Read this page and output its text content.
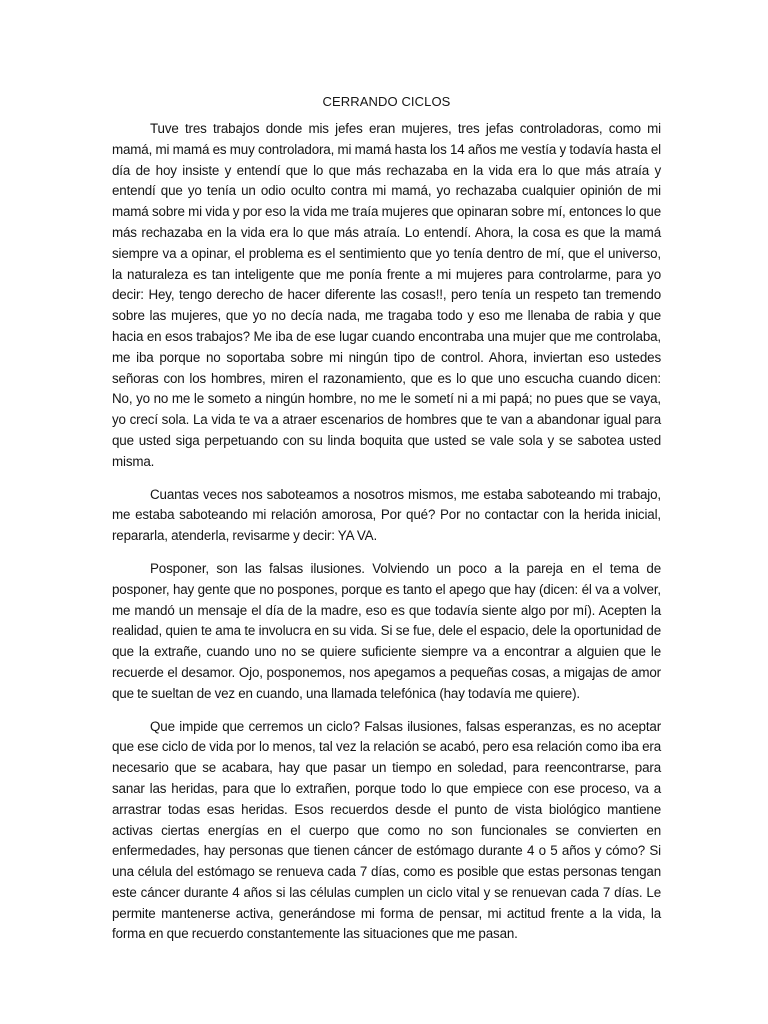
CERRANDO CICLOS

Tuve tres trabajos donde mis jefes eran mujeres, tres jefas controladoras, como mi mamá, mi mamá es muy controladora, mi mamá hasta los 14 años me vestía y todavía hasta el día de hoy insiste y entendí que lo que más rechazaba en la vida era lo que más atraía y entendí que yo tenía un odio oculto contra mi mamá, yo rechazaba cualquier opinión de mi mamá sobre mi vida y por eso la vida me traía mujeres que opinaran sobre mí, entonces lo que más rechazaba en la vida era lo que más atraía. Lo entendí. Ahora, la cosa es que la mamá siempre va a opinar, el problema es el sentimiento que yo tenía dentro de mí, que el universo, la naturaleza es tan inteligente que me ponía frente a mi mujeres para controlarme, para yo decir: Hey, tengo derecho de hacer diferente las cosas!!, pero tenía un respeto tan tremendo sobre las mujeres, que yo no decía nada, me tragaba todo y eso me llenaba de rabia y que hacia en esos trabajos? Me iba de ese lugar cuando encontraba una mujer que me controlaba, me iba porque no soportaba sobre mi ningún tipo de control. Ahora, inviertan eso ustedes señoras con los hombres, miren el razonamiento, que es lo que uno escucha cuando dicen: No, yo no me le someto a ningún hombre, no me le sometí ni a mi papá; no pues que se vaya, yo crecí sola. La vida te va a atraer escenarios de hombres que te van a abandonar igual para que usted siga perpetuando con su linda boquita que usted se vale sola y se sabotea usted misma.

Cuantas veces nos saboteamos a nosotros mismos, me estaba saboteando mi trabajo, me estaba saboteando mi relación amorosa, Por qué? Por no contactar con la herida inicial, repararla, atenderla, revisarme y decir: YA VA.

Posponer, son las falsas ilusiones. Volviendo un poco a la pareja en el tema de posponer, hay gente que no pospones, porque es tanto el apego que hay (dicen: él va a volver, me mandó un mensaje el día de la madre, eso es que todavía siente algo por mí). Acepten la realidad, quien te ama te involucra en su vida. Si se fue, dele el espacio, dele la oportunidad de que la extrañe, cuando uno no se quiere suficiente siempre va a encontrar a alguien que le recuerde el desamor. Ojo, posponemos, nos apegamos a pequeñas cosas, a migajas de amor que te sueltan de vez en cuando, una llamada telefónica (hay todavía me quiere).

Que impide que cerremos un ciclo? Falsas ilusiones, falsas esperanzas, es no aceptar que ese ciclo de vida por lo menos, tal vez la relación se acabó, pero esa relación como iba era necesario que se acabara, hay que pasar un tiempo en soledad, para reencontrarse, para sanar las heridas, para que lo extrañen, porque todo lo que empiece con ese proceso, va a arrastrar todas esas heridas. Esos recuerdos desde el punto de vista biológico mantiene activas ciertas energías en el cuerpo que como no son funcionales se convierten en enfermedades, hay personas que tienen cáncer de estómago durante 4 o 5 años y cómo? Si una célula del estómago se renueva cada 7 días, como es posible que estas personas tengan este cáncer durante 4 años si las células cumplen un ciclo vital y se renuevan cada 7 días. Le permite mantenerse activa, generándose mi forma de pensar, mi actitud frente a la vida, la forma en que recuerdo constantemente las situaciones que me pasan.
